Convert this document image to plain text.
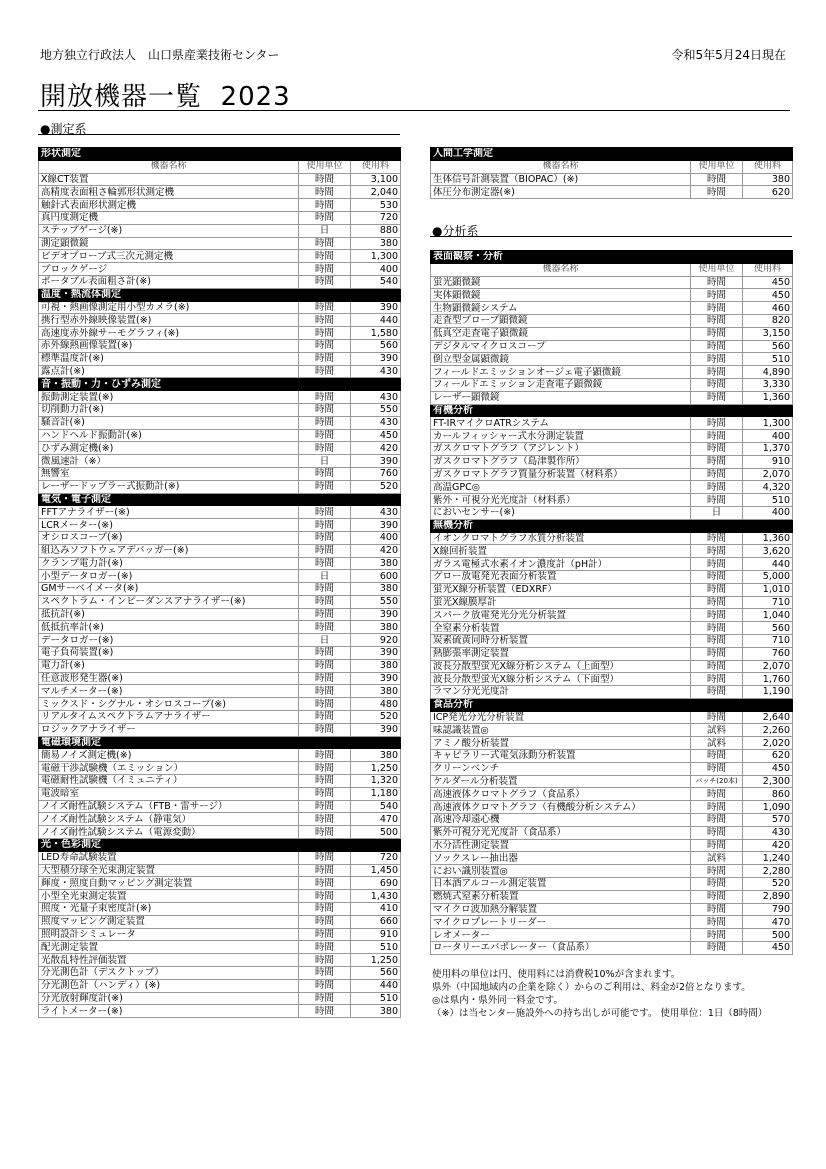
地方独立行政法人　山口県産業技術センター	令和5年5月24日現在
開放機器一覧 2023
●測定系
●分析系
形状測定		
機器名称	使用単位	使用料
X線CT装置	時間	3,100
高精度表面粗さ輪郭形状測定機	時間	2,040
触針式表面形状測定機	時間	530
真円度測定機	時間	720
ステップゲージ(※)	日	880
測定顕微鏡	時間	380
ビデオプローブ式三次元測定機	時間	1,300
ブロックゲージ	時間	400
ポータブル表面粗さ計(※)	時間	540
温度・熱流体測定		
可視・熱画像測定用小型カメラ(※)	時間	390
携行型赤外線映像装置(※)	時間	440
高速度赤外線サーモグラフィ(※)	時間	1,580
赤外線熱画像装置(※)	時間	560
標準温度計(※)	時間	390
露点計(※)	時間	430
音・振動・力・ひずみ測定		
振動測定装置(※)	時間	430
切削動力計(※)	時間	550
騒音計(※)	時間	430
ハンドヘルド振動計(※)	時間	450
ひずみ測定機(※)	時間	420
微風速計（※）	日	390
無響室	時間	760
レーザードップラー式振動計(※)	時間	520
電気・電子測定		
FFTアナライザー(※)	時間	430
LCRメーター(※)	時間	390
オシロスコープ(※)	時間	400
組込みソフトウェアデバッガー(※)	時間	420
クランプ電力計(※)	時間	380
小型データロガー(※)	日	600
GMサーベイメータ(※)	時間	380
スペクトラム・インピーダンスアナライザー(※)	時間	550
抵抗計(※)	時間	390
低抵抗率計(※)	時間	380
データロガー(※)	日	920
電子負荷装置(※)	時間	390
電力計(※)	時間	380
任意波形発生器(※)	時間	390
マルチメーター(※)	時間	380
ミックスド・シグナル・オシロスコープ(※)	時間	480
リアルタイムスペクトラムアナライザー	時間	520
ロジックアナライザー	時間	390
電磁環境測定		
簡易ノイズ測定機(※)	時間	380
電磁干渉試験機（エミッション）	時間	1,250
電磁耐性試験機（イミュニティ）	時間	1,320
電波暗室	時間	1,180
ノイズ耐性試験システム（FTB・雷サージ）	時間	540
ノイズ耐性試験システム（静電気）	時間	470
ノイズ耐性試験システム（電源変動）	時間	500
光・色彩測定		
LED寿命試験装置	時間	720
大型積分球全光束測定装置	時間	1,450
輝度・照度自動マッピング測定装置	時間	690
小型全光束測定装置	時間	1,430
照度・光量子束密度計(※)	時間	410
照度マッピング測定装置	時間	660
照明設計シミュレータ	時間	910
配光測定装置	時間	510
光散乱特性評価装置	時間	1,250
分光測色計（デスクトップ）	時間	560
分光測色計（ハンディ）(※)	時間	440
分光放射輝度計(※)	時間	510
ライトメーター(※)	時間	380
人間工学測定		
機器名称	使用単位	使用料
生体信号計測装置（BIOPAC）(※)	時間	380
体圧分布測定器(※)	時間	620
表面観察・分析		
機器名称	使用単位	使用料
蛍光顕微鏡	時間	450
実体顕微鏡	時間	450
生物顕微鏡システム	時間	460
走査型プローブ顕微鏡	時間	820
低真空走査電子顕微鏡	時間	3,150
デジタルマイクロスコープ	時間	560
倒立型金属顕微鏡	時間	510
フィールドエミッションオージェ電子顕微鏡	時間	4,890
フィールドエミッション走査電子顕微鏡	時間	3,330
レーザー顕微鏡	時間	1,360
有機分析		
FT-IRマイクロATRシステム	時間	1,300
カールフィッシャー式水分測定装置	時間	400
ガスクロマトグラフ（アジレント）	時間	1,370
ガスクロマトグラフ（島津製作所）	時間	910
ガスクロマトグラフ質量分析装置（材料系）	時間	2,070
高温GPC◎	時間	4,320
紫外・可視分光光度計（材料系）	時間	510
においセンサー(※)	日	400
無機分析		
イオンクロマトグラフ水質分析装置	時間	1,360
X線回折装置	時間	3,620
ガラス電極式水素イオン濃度計（pH計）	時間	440
グロー放電発光表面分析装置	時間	5,000
蛍光X線分析装置（EDXRF）	時間	1,010
蛍光X線膜厚計	時間	710
スパーク放電発光分光分析装置	時間	1,040
全窒素分析装置	時間	560
炭素硫黄同時分析装置	時間	710
熱膨張率測定装置	時間	760
波長分散型蛍光X線分析システム（上面型）	時間	2,070
波長分散型蛍光X線分析システム（下面型）	時間	1,760
ラマン分光光度計	時間	1,190
食品分析		
ICP発光分光分析装置	時間	2,640
味認識装置◎	試料	2,260
アミノ酸分析装置	試料	2,020
キャピラリー式電気泳動分析装置	時間	620
クリーンベンチ	時間	450
ケルダール分析装置	バッチ(20本)	2,300
高速液体クロマトグラフ（食品系）	時間	860
高速液体クロマトグラフ（有機酸分析システム）	時間	1,090
高速冷却遠心機	時間	570
紫外可視分光光度計（食品系）	時間	430
水分活性測定装置	時間	420
ソックスレー抽出器	試料	1,240
におい識別装置◎	時間	2,280
日本酒アルコール測定装置	時間	520
燃焼式窒素分析装置	時間	2,890
マイクロ波加熱分解装置	時間	790
マイクロプレートリーダー	時間	470
レオメーター	時間	500
ロータリーエバポレーター（食品系）	時間	450
使用料の単位は円、使用料には消費税10%が含まれます。
県外（中国地域内の企業を除く）からのご利用は、料金が2倍となります。
◎は県内・県外同一料金です。
（※）は当センター施設外への持ち出しが可能です。 使用単位：1日（8時間）
